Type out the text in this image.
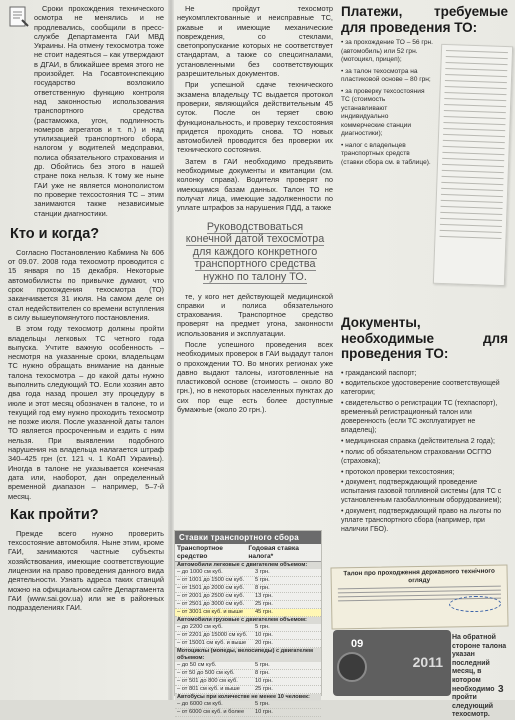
Сроки прохождения технического осмотра не менялись и не продлевались, сообщили в пресс-службе Департамента ГАИ МВД Украины. На отмену техосмотра тоже не стоит надеяться – как утверждают в ДГАИ, в ближайшее время этого не произойдет. На Госавтоинспекцию государство возложило ответственную функцию контроля над законностью использования транспортного средства (растаможка, угон, подлинность номеров агрегатов и т. п.) и над утилизацией транспортного сбора, налогом у водителей медсправки, полиса обязательного страхования и др. Обойтись без этого в нашей стране пока нельзя. К тому же ныне ГАИ уже не является монополистом по проверке техсостояния ТС – этим занимаются также независимые станции диагностики.

Кто и когда?

Согласно Постановлению Кабмина № 606 от 09.07. 2008 года техосмотр проводится с 15 января по 15 декабря. Некоторые автомобилисты по привычке думают, что срок прохождения техосмотра (ТО) заканчивается 31 июля. На самом деле он стал недействителен со времени вступления в силу вышеупомянутого постановления.

В этом году техосмотр должны пройти владельцы легковых ТС четного года выпуска. Учтите важную особенность – несмотря на указанные сроки, владельцам ТС нужно обращать внимание на данные талона техосмотра – до какой даты нужно выполнить следующий ТО. Если хозяин авто два года назад прошел эту процедуру в июле и этот месяц обозначен в талоне, то и текущий год ему нужно проходить техосмотр не позже июля. После указанной даты талон ТО является просроченным и ездить с ним нельзя. При выявлении подобного нарушения на владельца налагается штраф 340–425 грн (ст. 121 ч. 1 КоАП Украины). Иногда в талоне не указывается конечная дата или, наоборот, дан определенный временной диапазон – например, 5–7-й месяц.

Как пройти?

Прежде всего нужно проверить техсостояние автомобиля. Ныне этим, кроме ГАИ, занимаются частные субъекты хозяйствования, имеющие соответствующие лицензии на право проведения данного вида деятельности. Узнать адреса таких станций можно на официальном сайте Департамента ГАИ (www.sai.gov.ua) или же в районных подразделениях ГАИ.

Не пройдут техосмотр неукомплектованные и неисправные ТС, ржавые и имеющие механические повреждения, со стеклами, светопропускание которых не соответствует стандартам, а также со спецсигналами, установленными без соответствующих разрешительных документов.

При успешной сдаче технического экзамена владельцу ТС выдается протокол проверки, являющийся действительным 45 суток. После он теряет свою функциональность, и проверку техсостояния придется проходить снова. ТО новых автомобилей проводится без проверки их технического состояния.

Затем в ГАИ необходимо предъявить необходимые документы и квитанции (см. колонку справа). Водителя проверят по имеющимся базам данных. Талон ТО не получат лица, имеющие задолженности по уплате штрафов за нарушения ПДД, а также

Руководствоваться конечной датой техосмотра для каждого конкретного транспортного средства нужно по талону ТО.

те, у кого нет действующей медицинской справки и полиса обязательного страхования. Транспортное средство проверят на предмет угона, законности использования и эксплуатации.

После успешного проведения всех необходимых проверок в ГАИ выдадут талон о прохождении ТО. Во многих регионах уже давно выдают талоны, изготовленные на пластиковой основе (стоимость – около 80 грн.), но в некоторых населенных пунктах до сих пор еще есть более доступные бумажные (около 20 грн.).

Ставки транспортного сбора
Транспортное средство
Годовая ставка налога*
Автомобили легковые с двигателем объемом:
– до 1000 см куб.	3 грн.
– от 1001 до 1500 см куб.	5 грн.
– от 1501 до 2000 см куб.	8 грн.
– от 2001 до 2500 см куб.	13 грн.
– от 2501 до 3000 см куб.	25 грн.
– от 3001 см куб. и выше	45 грн.
Автомобили грузовые с двигателем объемом:
– до 2200 см куб.	5 грн.
– от 2201 до 15000 см куб.	10 грн.
– от 15001 см куб. и выше	20 грн.
Мотоциклы (мопеды, велосипеды) с двигателем объемом:
– до 50 см куб.	5 грн.
– от 50 до 500 см куб.	8 грн.
– от 501 до 800 см куб.	10 грн.
– от 801 см куб. и выше	25 грн.
Автобусы при количестве не менее 10 человек:
– до 6000 см куб.	5 грн.
– от 6000 см куб. и более	10 грн.
Платежи, требуемые для проведения ТО:

• за прохождение ТО – 56 грн. (автомобиль) или 52 грн. (мотоцикл, прицеп);

• за талон техосмотра на пластиковой основе – 80 грн;

• за проверку техсостояния ТС (стоимость устанавливают индивидуально коммерческие станции диагностики);

• налог с владельцев транспортных средств (ставки сбора см. в таблице).

Документы, необходимые для проведения ТО:

• гражданский паспорт;

• водительское удостоверение соответствующей категории;

• свидетельство о регистрации ТС (техпаспорт), временный регистрационный талон или доверенность (если ТС эксплуатирует не владелец);

• медицинская справка (действительна 2 года);

• полис об обязательном страховании ОСГПО (страховка);

• протокол проверки техсостояния;

• документ, подтверждающий проведение испытания газовой топливной системы (для ТС с установленным газобаллонным оборудованием);

• документ, подтверждающий право на льготы по уплате транспортного сбора (например, при наличии ГБО).

Талон про проходження державного технічного огляду
09
2011
На обратной стороне талона указан последний месяц, в котором необходимо пройти следующий техосмотр.
3
